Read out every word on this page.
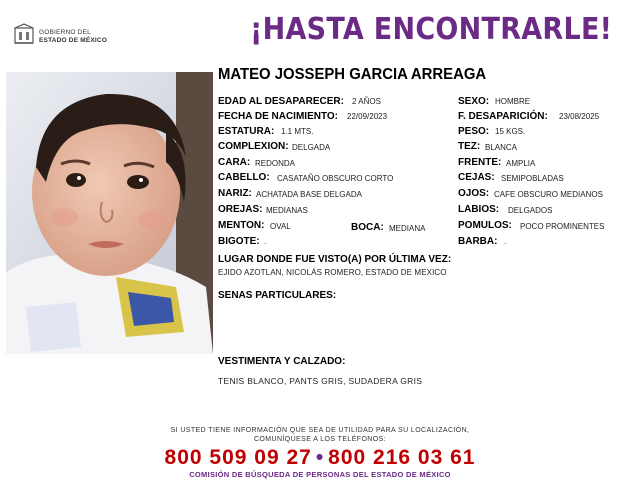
GOBIERNO DEL
ESTADO DE MÉXICO	¡HASTA ENCONTRARLE!
MATEO JOSSEPH GARCIA ARREAGA
EDAD AL DESAPARECER: 2 AÑOS
FECHA DE NACIMIENTO: 22/09/2023
ESTATURA: 1.1 MTS.
COMPLEXION: DELGADA
CARA: REDONDA
CABELLO: CASATAÑO OBSCURO CORTO
NARIZ: ACHATADA BASE DELGADA
OREJAS: MEDIANAS
MENTON: OVAL	BOCA: MEDIANA
BIGOTE: .
SEXO: HOMBRE
F. DESAPARICIÓN: 23/08/2025
PESO: 15 KGS.
TEZ: BLANCA
FRENTE: AMPLIA
CEJAS: SEMIPOBLADAS
OJOS: CAFE OBSCURO MEDIANOS
LABIOS: DELGADOS
POMULOS: POCO PROMINENTES
BARBA: .
LUGAR DONDE FUE VISTO(A) POR ÚLTIMA VEZ:
EJIDO AZOTLAN, NICOLÁS ROMERO, ESTADO DE MEXICO
SENAS PARTICULARES:
VESTIMENTA Y CALZADO:
TENIS BLANCO, PANTS GRIS, SUDADERA GRIS
SI USTED TIENE INFORMACIÓN QUE SEA DE UTILIDAD PARA SU LOCALIZACIÓN,
COMUNÍQUESE A LOS TELÉFONOS:
800 509 09 27 • 800 216 03 61
COMISIÓN DE BÚSQUEDA DE PERSONAS DEL ESTADO DE MÉXICO
